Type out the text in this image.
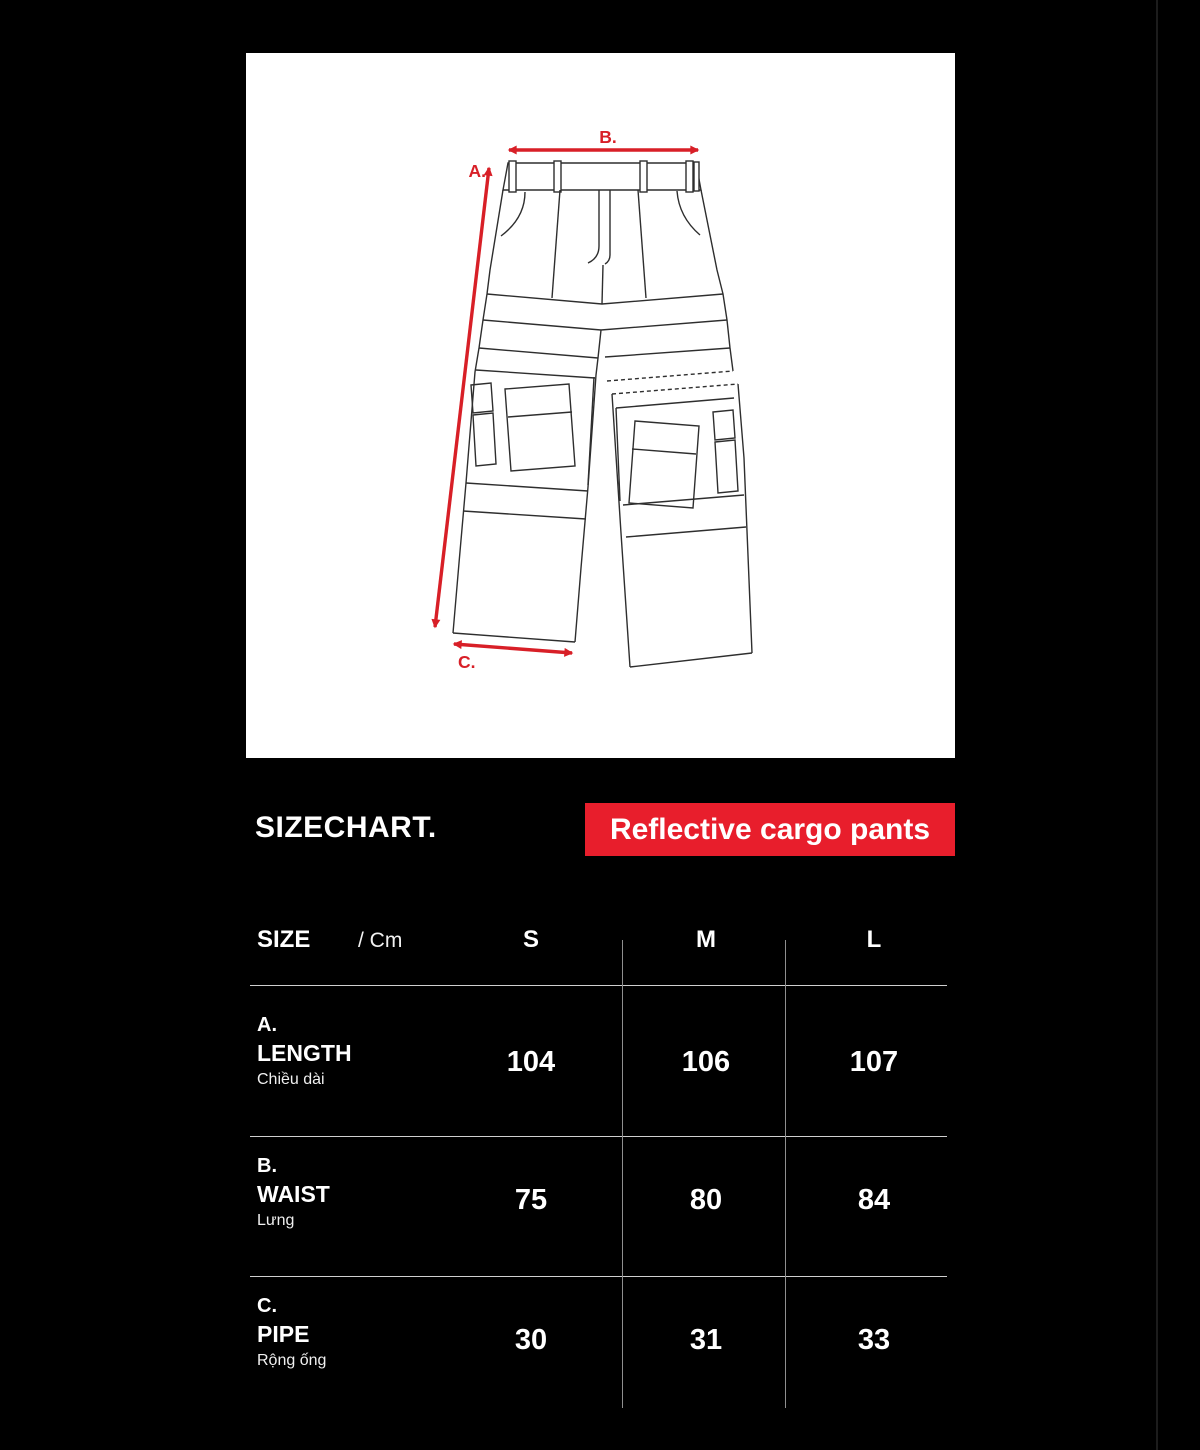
B.
A.
C.
SIZECHART.	Reflective cargo pants
SIZE / Cm	S	M	L
A.
LENGTH
Chiều dài
104	106	107
B.
WAIST
Lưng
75	80	84
C.
PIPE
Rộng ống
30	31	33
